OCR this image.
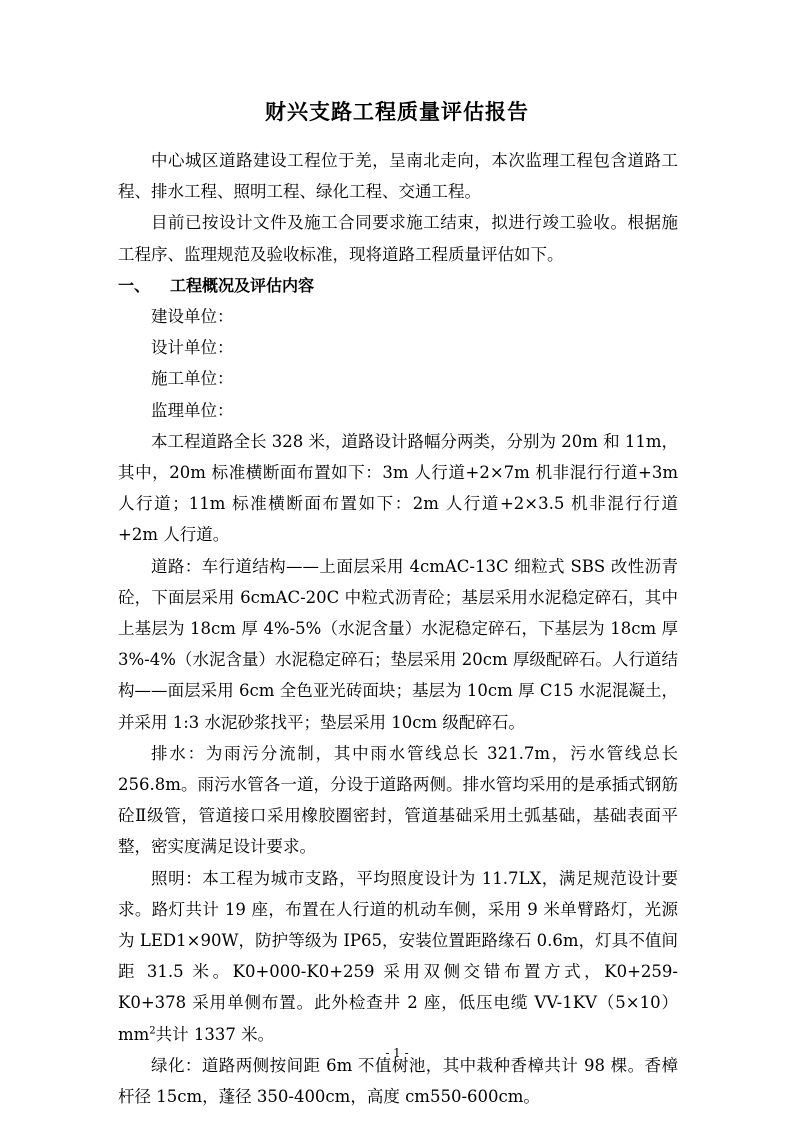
财兴支路工程质量评估报告

中心城区道路建设工程位于羌，呈南北走向，本次监理工程包含道路工程、排水工程、照明工程、绿化工程、交通工程。

目前已按设计文件及施工合同要求施工结束，拟进行竣工验收。根据施工程序、监理规范及验收标准，现将道路工程质量评估如下。

一、 工程概况及评估内容

建设单位：

设计单位：

施工单位：

监理单位：

本工程道路全长 328 米，道路设计路幅分两类，分别为 20m 和 11m，其中，20m 标准横断面布置如下：3m 人行道+2×7m 机非混行行道+3m 人行道；11m 标准横断面布置如下：2m 人行道+2×3.5 机非混行行道+2m 人行道。

道路：车行道结构——上面层采用 4cmAC-13C 细粒式 SBS 改性沥青砼，下面层采用 6cmAC-20C 中粒式沥青砼；基层采用水泥稳定碎石，其中上基层为 18cm 厚 4%-5%（水泥含量）水泥稳定碎石，下基层为 18cm 厚 3%-4%（水泥含量）水泥稳定碎石；垫层采用 20cm 厚级配碎石。人行道结构——面层采用 6cm 全色亚光砖面块；基层为 10cm 厚 C15 水泥混凝土，并采用 1:3 水泥砂浆找平；垫层采用 10cm 级配碎石。

排水：为雨污分流制，其中雨水管线总长 321.7m，污水管线总长 256.8m。雨污水管各一道，分设于道路两侧。排水管均采用的是承插式钢筋砼Ⅱ级管，管道接口采用橡胶圈密封，管道基础采用土弧基础，基础表面平整，密实度满足设计要求。

照明：本工程为城市支路，平均照度设计为 11.7LX，满足规范设计要求。路灯共计 19 座，布置在人行道的机动车侧，采用 9 米单臂路灯，光源为 LED1×90W，防护等级为 IP65，安装位置距路缘石 0.6m，灯具不值间距 31.5 米。K0+000-K0+259 采用双侧交错布置方式，K0+259-K0+378 采用单侧布置。此外检查井 2 座，低压电缆 $VV-1KV(5\times 10)mm^2$共计 1337 米。

绿化：道路两侧按间距 6m 不值树池，其中栽种香樟共计 98 棵。香樟杆径 15cm，蓬径 350-400cm，高度 cm550-600cm。

- 1 -
